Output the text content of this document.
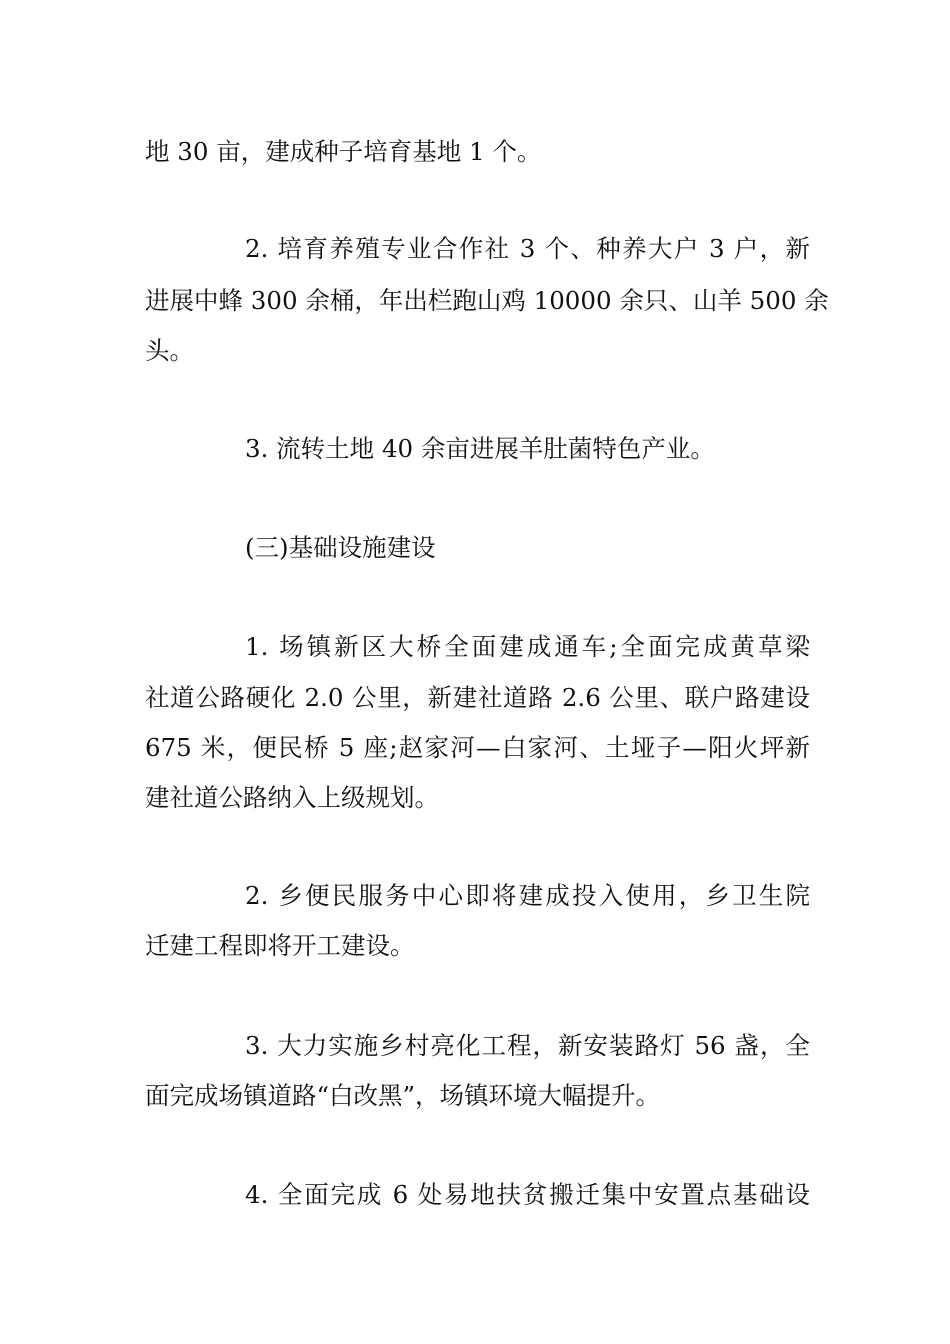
地 30 亩，建成种子培育基地 1 个。
2. 培育养殖专业合作社 3 个、种养大户 3 户，新
进展中蜂 300 余桶，年出栏跑山鸡 10000 余只、山羊 500 余
头。
3. 流转土地 40 余亩进展羊肚菌特色产业。
(三)基础设施建设
1. 场镇新区大桥全面建成通车;全面完成黄草梁
社道公路硬化 2.0 公里，新建社道路 2.6 公里、联户路建设
675 米，便民桥 5 座;赵家河—白家河、土垭子—阳火坪新
建社道公路纳入上级规划。
2. 乡便民服务中心即将建成投入使用，乡卫生院
迁建工程即将开工建设。
3. 大力实施乡村亮化工程，新安装路灯 56 盏，全
面完成场镇道路“白改黑”，场镇环境大幅提升。
4. 全面完成 6 处易地扶贫搬迁集中安置点基础设
